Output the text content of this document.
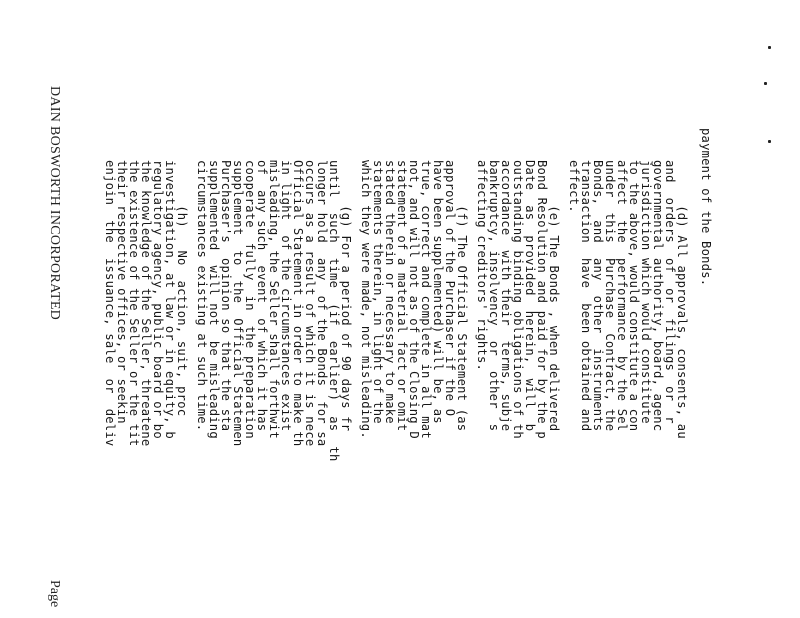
payment of the Bonds.

(d) All approvals, consents, au
and  orders  of  or  filings  or  r
governmental authority, board, agenc
jurisdiction which would constitute
to the above, would constitute a con
affect  the  performance  by the Sel
under  this  Purchase  Contract, the
Bonds,  and  any  other  instruments
transaction  have  been obtained and
effect.

(e) The Bonds , when delivered
Bond Resolution and paid for by the p
Date  as  provided  herein,  will  b
outstanding binding obligations of th
accordance  with their  terms, subje
bankruptcy, insolvency  or  other  s
affecting creditors' rights.

(f) The Official Statement (as
approval of the Purchaser if the O
have been supplemented) will be, as
true, correct and complete in all mat
not, and will not as of the Closing D
statement of a material fact or omit
stated therein or necessary to make
statements therein, in light of the
which they were made, not misleading.

(g) For a period of 90 days fr
until  such  time  (if  earlier)  as  th
longer hold  any  of the Bonds  for sa
occurs as a result of which it is nece
Official Statement in order to make th
in light  of the circumstances exist
misleading, the Seller shall forthwit
of  any such  event  of which it has
cooperate  fully  in  the preparation
supplement  to  the  Official Statemen
Purchaser's  opinion so that the sta
supplemented  will not  be misleading
circumstances existing at such time.

(h)   No  action, suit, proc
investigation, at law or in equity, b
regulatory agency, public board or bo
the knowledge of the Seller, threatene
the existence of the Seller or the tit
their respective offices, or seekin
enjoin  the  issuance, sale  or  deliv

DAIN BOSWORTH INCORPORATED
Page
